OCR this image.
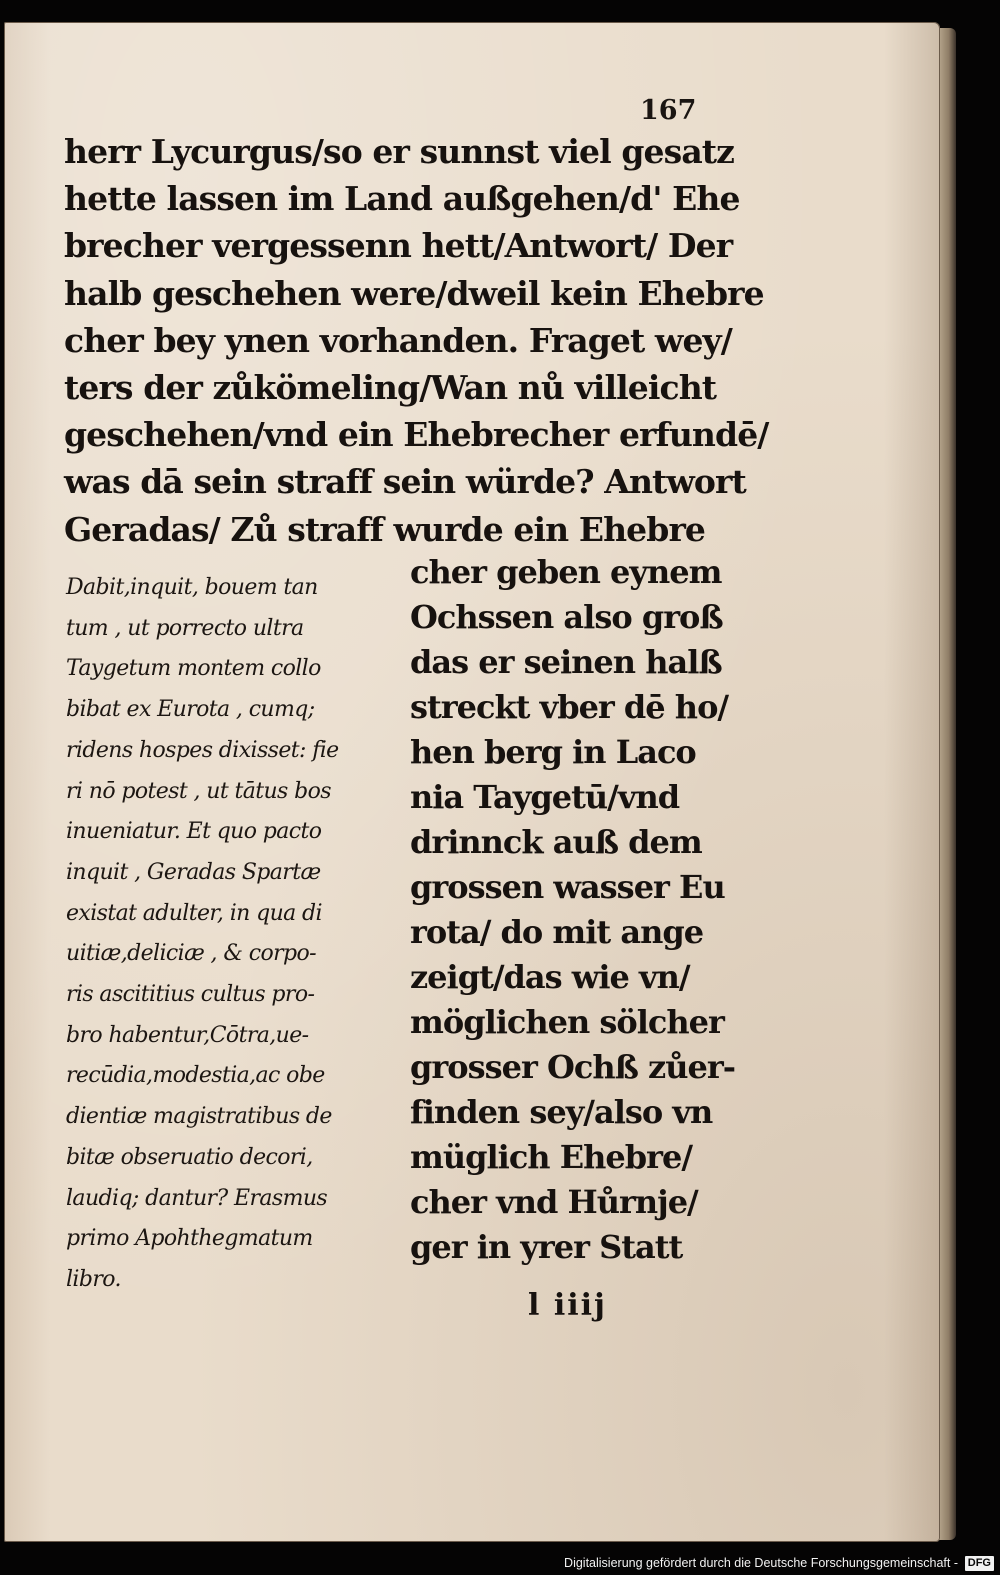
167
herr Lycurgus/so er sunnst viel gesatz
hette lassen im Land außgehen/d' Ehe
brecher vergessenn hett/Antwort/ Der
halb geschehen were/dweil kein Ehebre
cher bey ynen vorhanden. Fraget wey/
ters der zůkömeling/Wan nů villeicht
geschehen/vnd ein Ehebrecher erfundē/
was dā sein straff sein würde? Antwort
Geradas/ Zů straff wurde ein Ehebre
Dabit,inquit, bouem tan
tum , ut porrecto ultra
Taygetum montem collo
bibat ex Eurota , cumq;
ridens hospes dixisset: fie
ri nō potest , ut tātus bos
inueniatur. Et quo pacto
inquit , Geradas Spartæ
existat adulter, in qua di
uitiæ,deliciæ , & corpo-
ris ascititius cultus pro-
bro habentur,Cōtra,ue-
recūdia,modestia,ac obe
dientiæ magistratibus de
bitæ obseruatio decori,
laudiq; dantur? Erasmus
primo Apohthegmatum
libro.
cher geben eynem
Ochssen also groß
das er seinen halß
streckt vber dē ho/
hen berg in Laco
nia Taygetū/vnd
drinnck auß dem
grossen wasser Eu
rota/ do mit ange
zeigt/das wie vn/
möglichen sölcher
grosser Ochß zůer-
finden sey/also vn
müglich Ehebre/
cher vnd Hůrnje/
ger in yrer Statt
l iiij
Digitalisierung gefördert durch die Deutsche Forschungsgemeinschaft - DFG
